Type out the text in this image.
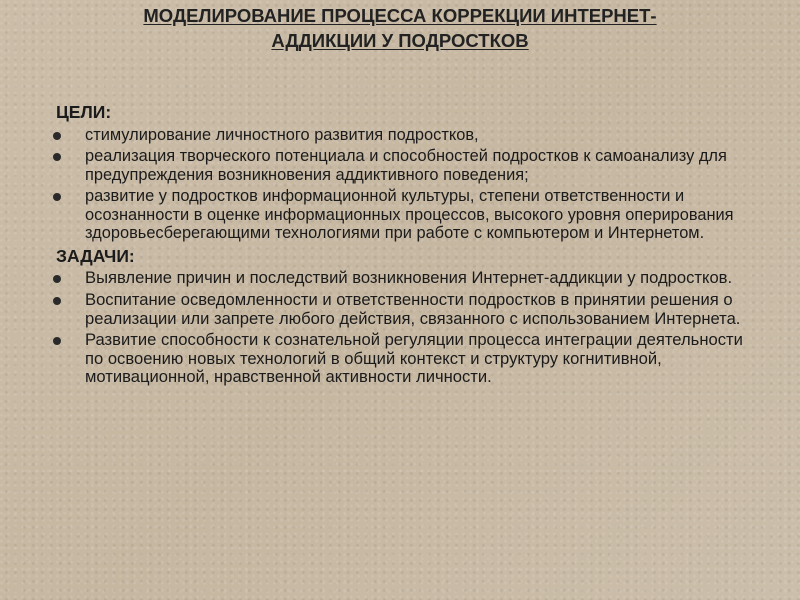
МОДЕЛИРОВАНИЕ ПРОЦЕССА КОРРЕКЦИИ ИНТЕРНЕТ-
АДДИКЦИИ У ПОДРОСТКОВ

ЦЕЛИ:

стимулирование личностного развития подростков,
реализация творческого потенциала и способностей подростков к самоанализу для предупреждения возникновения аддиктивного поведения;
развитие у подростков информационной культуры, степени ответственности и осознанности в оценке информационных процессов, высокого уровня оперирования здоровьесберегающими технологиями при работе с компьютером и Интернетом.

ЗАДАЧИ:

Выявление причин и последствий возникновения Интернет-аддикции у подростков.
Воспитание осведомленности и ответственности подростков в принятии решения о реализации или запрете любого действия, связанного с использованием Интернета.
Развитие способности к сознательной регуляции процесса интеграции деятельности по освоению новых технологий в общий контекст и структуру когнитивной, мотивационной, нравственной активности личности.
